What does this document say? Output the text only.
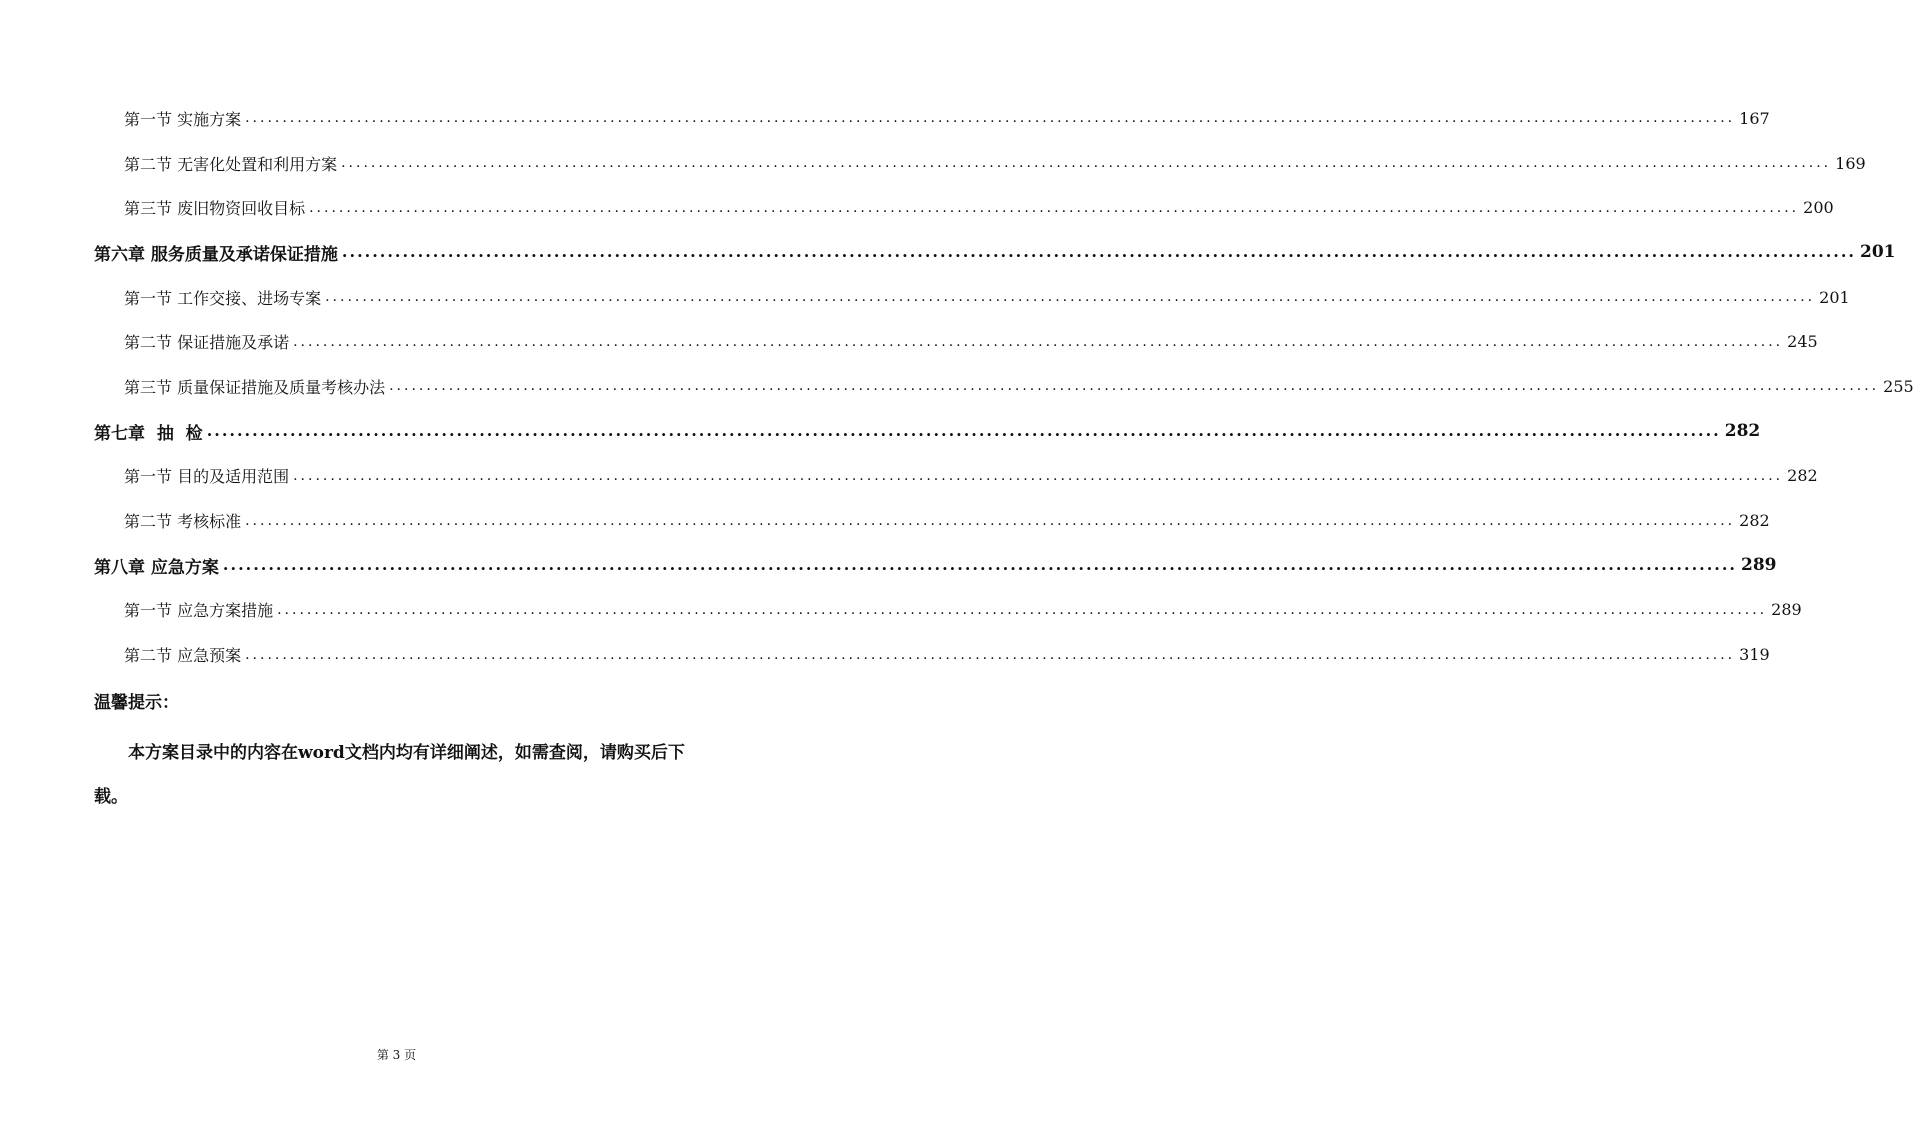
第一节 实施方案 ........................................................................................................................................................................................................ 167
第二节 无害化处置和利用方案 ........................................................................................................................................................................................................ 169
第三节 废旧物资回收目标 ........................................................................................................................................................................................................ 200
第六章 服务质量及承诺保证措施 ........................................................................................................................................................................................................ 201
第一节 工作交接、进场专案 ........................................................................................................................................................................................................ 201
第二节 保证措施及承诺 ........................................................................................................................................................................................................ 245
第三节 质量保证措施及质量考核办法 ........................................................................................................................................................................................................ 255
第七章  抽  检 ........................................................................................................................................................................................................ 282
第一节 目的及适用范围 ........................................................................................................................................................................................................ 282
第二节 考核标准 ........................................................................................................................................................................................................ 282
第八章 应急方案 ........................................................................................................................................................................................................ 289
第一节 应急方案措施 ........................................................................................................................................................................................................ 289
第二节 应急预案 ........................................................................................................................................................................................................ 319
温馨提示：

本方案目录中的内容在word文档内均有详细阐述，如需查阅，请购买后下载。

第 3 页
